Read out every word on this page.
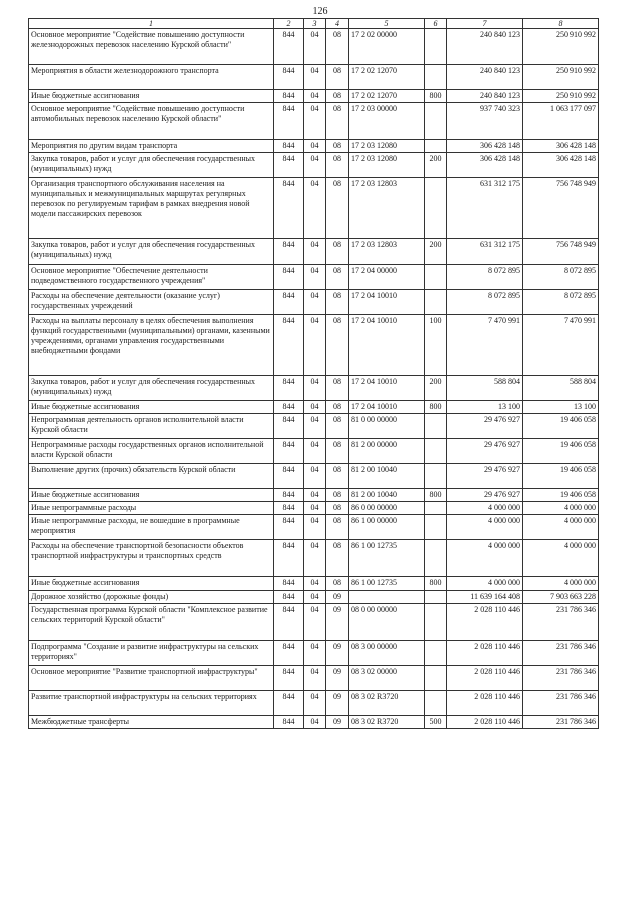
126
1	2	3	4	5	6	7	8
Основное мероприятие "Содействие повышению доступности железнодорожных перевозок населению Курской области"	844	04	08	17 2 02 00000		240 840 123	250 910 992
Мероприятия в области железнодорожного транспорта	844	04	08	17 2 02 12070		240 840 123	250 910 992
Иные бюджетные ассигнования	844	04	08	17 2 02 12070	800	240 840 123	250 910 992
Основное мероприятие "Содействие повышению доступности автомобильных перевозок населению Курской области"	844	04	08	17 2 03 00000		937 740 323	1 063 177 097
Мероприятия по другим видам транспорта	844	04	08	17 2 03 12080		306 428 148	306 428 148
Закупка товаров, работ и услуг для обеспечения государственных (муниципальных) нужд	844	04	08	17 2 03 12080	200	306 428 148	306 428 148
Организация транспортного обслуживания населения на муниципальных и межмуниципальных маршрутах регулярных перевозок по регулируемым тарифам в рамках внедрения новой модели пассажирских перевозок	844	04	08	17 2 03 12803		631 312 175	756 748 949
Закупка товаров, работ и услуг для обеспечения государственных (муниципальных) нужд	844	04	08	17 2 03 12803	200	631 312 175	756 748 949
Основное мероприятие "Обеспечение деятельности подведомственного государственного учреждения"	844	04	08	17 2 04 00000		8 072 895	8 072 895
Расходы на обеспечение деятельности (оказание услуг) государственных учреждений	844	04	08	17 2 04 10010		8 072 895	8 072 895
Расходы на выплаты персоналу в целях обеспечения выполнения функций государственными (муниципальными) органами, казенными учреждениями, органами управления государственными внебюджетными фондами	844	04	08	17 2 04 10010	100	7 470 991	7 470 991
Закупка товаров, работ и услуг для обеспечения государственных (муниципальных) нужд	844	04	08	17 2 04 10010	200	588 804	588 804
Иные бюджетные ассигнования	844	04	08	17 2 04 10010	800	13 100	13 100
Непрограммная деятельность органов исполнительной власти Курской области	844	04	08	81 0 00 00000		29 476 927	19 406 058
Непрограммные расходы государственных органов исполнительной власти Курской области	844	04	08	81 2 00 00000		29 476 927	19 406 058
Выполнение других (прочих) обязательств Курской области	844	04	08	81 2 00 10040		29 476 927	19 406 058
Иные бюджетные ассигнования	844	04	08	81 2 00 10040	800	29 476 927	19 406 058
Иные непрограммные расходы	844	04	08	86 0 00 00000		4 000 000	4 000 000
Иные непрограммные расходы, не вошедшие в программные мероприятия	844	04	08	86 1 00 00000		4 000 000	4 000 000
Расходы на обеспечение транспортной безопасности объектов транспортной инфраструктуры и транспортных средств	844	04	08	86 1 00 12735		4 000 000	4 000 000
Иные бюджетные ассигнования	844	04	08	86 1 00 12735	800	4 000 000	4 000 000
Дорожное хозяйство (дорожные фонды)	844	04	09			11 639 164 408	7 903 663 228
Государственная программа Курской области "Комплексное развитие сельских территорий Курской области"	844	04	09	08 0 00 00000		2 028 110 446	231 786 346
Подпрограмма "Создание и развитие инфраструктуры на сельских территориях"	844	04	09	08 3 00 00000		2 028 110 446	231 786 346
Основное мероприятие "Развитие транспортной инфраструктуры"	844	04	09	08 3 02 00000		2 028 110 446	231 786 346
Развитие транспортной инфраструктуры на сельских территориях	844	04	09	08 3 02 R3720		2 028 110 446	231 786 346
Межбюджетные трансферты	844	04	09	08 3 02 R3720	500	2 028 110 446	231 786 346
